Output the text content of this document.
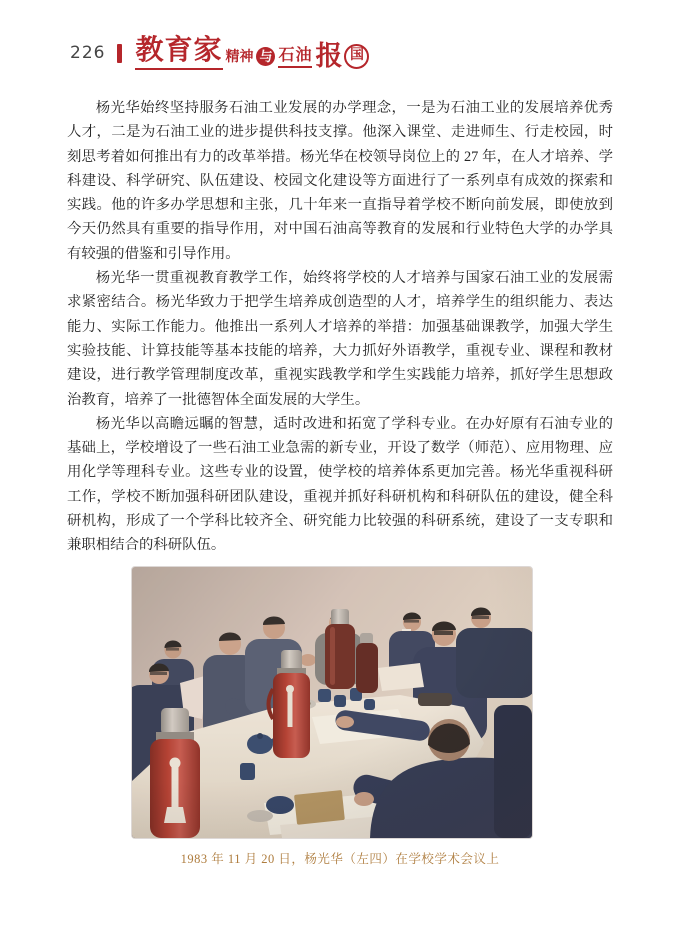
226 教育家 精神 与 石油 报 国

杨光华始终坚持服务石油工业发展的办学理念，一是为石油工业的发展培养优秀人才，二是为石油工业的进步提供科技支撑。他深入课堂、走进师生、行走校园，时刻思考着如何推出有力的改革举措。杨光华在校领导岗位上的 27 年，在人才培养、学科建设、科学研究、队伍建设、校园文化建设等方面进行了一系列卓有成效的探索和实践。他的许多办学思想和主张，几十年来一直指导着学校不断向前发展，即使放到今天仍然具有重要的指导作用，对中国石油高等教育的发展和行业特色大学的办学具有较强的借鉴和引导作用。

杨光华一贯重视教育教学工作，始终将学校的人才培养与国家石油工业的发展需求紧密结合。杨光华致力于把学生培养成创造型的人才，培养学生的组织能力、表达能力、实际工作能力。他推出一系列人才培养的举措：加强基础课教学，加强大学生实验技能、计算技能等基本技能的培养，大力抓好外语教学，重视专业、课程和教材建设，进行教学管理制度改革，重视实践教学和学生实践能力培养，抓好学生思想政治教育，培养了一批德智体全面发展的大学生。

杨光华以高瞻远瞩的智慧，适时改进和拓宽了学科专业。在办好原有石油专业的基础上，学校增设了一些石油工业急需的新专业，开设了数学（师范）、应用物理、应用化学等理科专业。这些专业的设置，使学校的培养体系更加完善。杨光华重视科研工作，学校不断加强科研团队建设，重视并抓好科研机构和科研队伍的建设，健全科研机构，形成了一个学科比较齐全、研究能力比较强的科研系统，建设了一支专职和兼职相结合的科研队伍。

1983 年 11 月 20 日，杨光华（左四）在学校学术会议上
